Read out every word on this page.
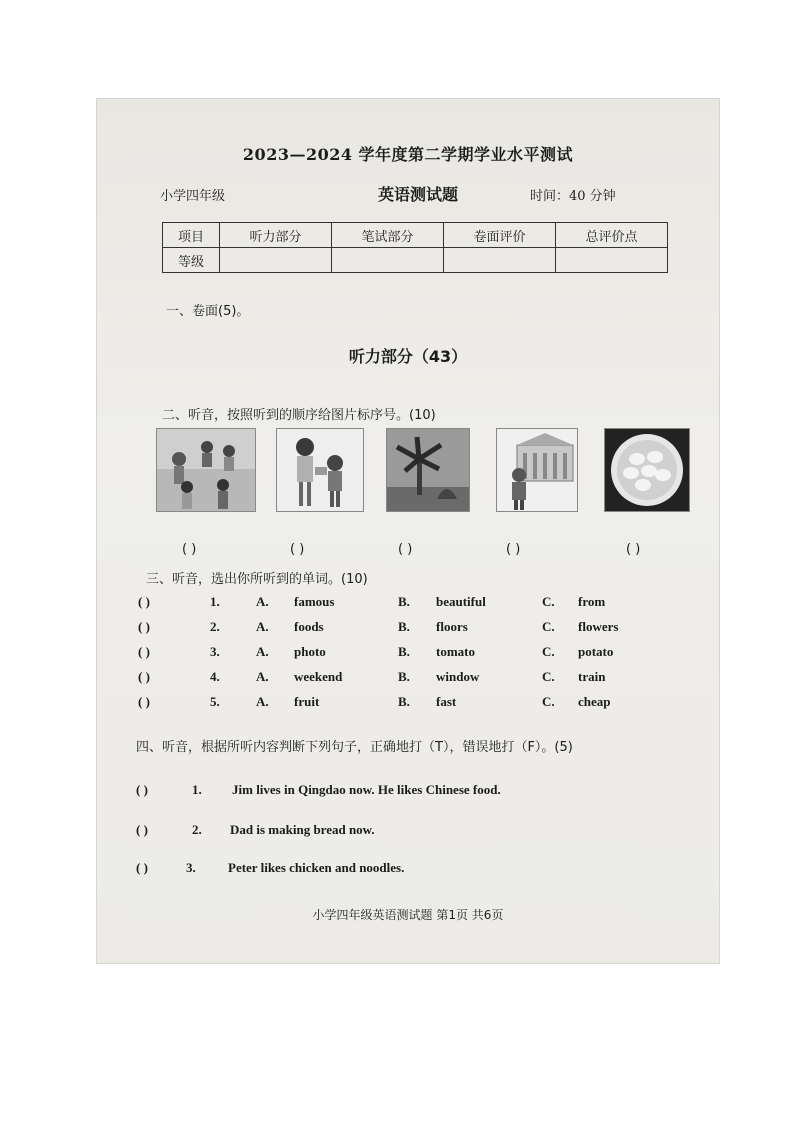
2023—2024 学年度第二学期学业水平测试
小学四年级	英语测试题	时间：40 分钟
项目	听力部分	笔试部分	卷面评价	总评价点
等级				
一、卷面(5)。
听力部分（43）
二、听音，按照听到的顺序给图片标序号。(10)
( )	( )	( )	( )	( )
三、听音，选出你所听到的单词。(10)
( )	1.	A. famous	B. beautiful	C. from
( )	2.	A. foods	B. floors	C. flowers
( )	3.	A. photo	B. tomato	C. potato
( )	4.	A. weekend	B. window	C. train
( )	5.	A. fruit	B. fast	C. cheap
四、听音，根据所听内容判断下列句子，正确地打（T），错误地打（F）。(5)
( )	1. Jim lives in Qingdao now. He likes Chinese food.
( )	2. Dad is making bread now.
( )	3. Peter likes chicken and noodles.
小学四年级英语测试题 第1页 共6页
